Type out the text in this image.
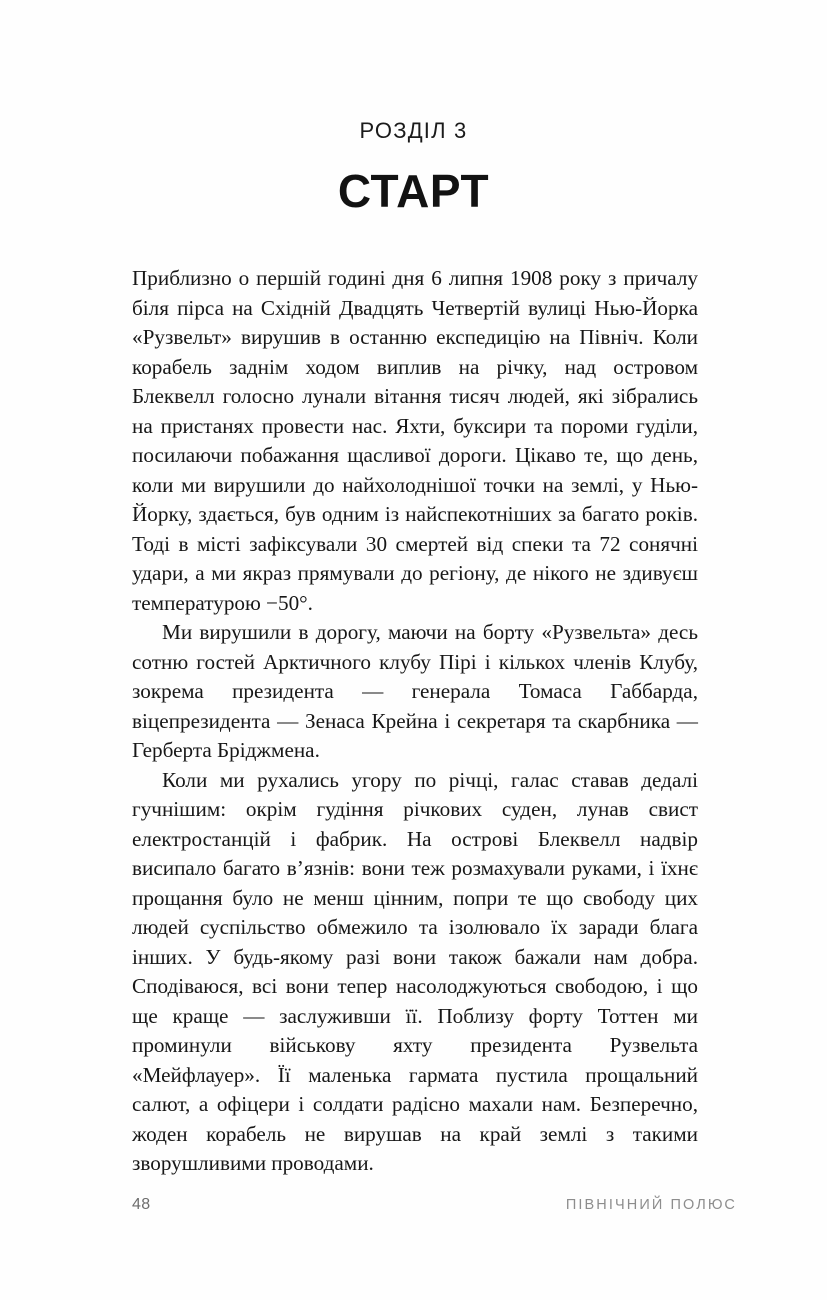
РОЗДІЛ 3
СТАРТ

Приблизно о першій годині дня 6 липня 1908 року з причалу біля пірса на Східній Двадцять Четвертій вулиці Нью-Йорка «Рузвельт» вирушив в останню експедицію на Північ. Коли корабель заднім ходом виплив на річку, над островом Блеквелл голосно лунали вітання тисяч людей, які зібрались на пристанях провести нас. Яхти, буксири та пороми гуділи, посилаючи побажання щасливої дороги. Цікаво те, що день, коли ми вирушили до найхолоднішої точки на землі, у Нью-Йорку, здається, був одним із найспекотніших за багато років. Тоді в місті зафіксували 30 смертей від спеки та 72 сонячні удари, а ми якраз прямували до регіону, де нікого не здивуєш температурою −50°.

Ми вирушили в дорогу, маючи на борту «Рузвельта» десь сотню гостей Арктичного клубу Пірі і кількох членів Клубу, зокрема президента — генерала Томаса Габбарда, віцепрезидента — Зенаса Крейна і секретаря та скарбника — Герберта Бріджмена.

Коли ми рухались угору по річці, галас ставав дедалі гучнішим: окрім гудіння річкових суден, лунав свист електростанцій і фабрик. На острові Блеквелл надвір висипало багато в’язнів: вони теж розмахували руками, і їхнє прощання було не менш цінним, попри те що свободу цих людей суспільство обмежило та ізолювало їх заради блага інших. У будь-якому разі вони також бажали нам добра. Сподіваюся, всі вони тепер насолоджуються свободою, і що ще краще — заслуживши її. Поблизу форту Тоттен ми проминули військову яхту президента Рузвельта «Мейфлауер». Її маленька гармата пустила прощальний салют, а офіцери і солдати радісно махали нам. Безперечно, жоден корабель не вирушав на край землі з такими зворушливими проводами.

48	ПІВНІЧНИЙ ПОЛЮС
